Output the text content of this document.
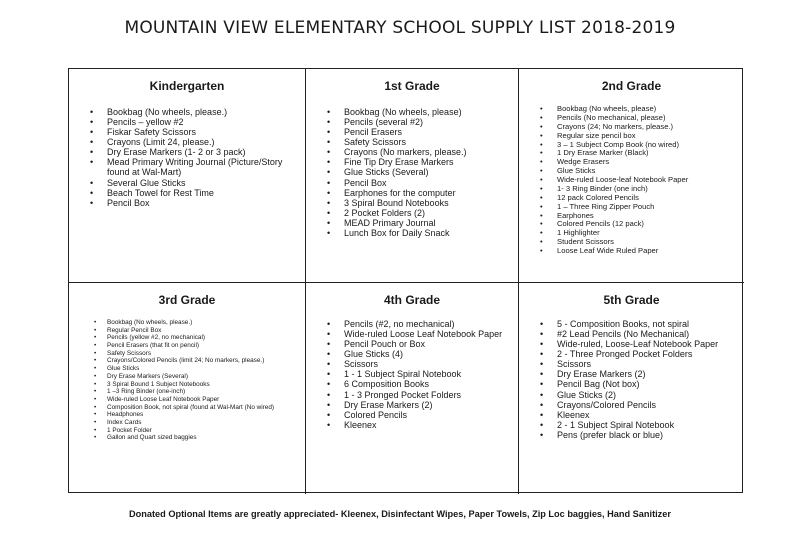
MOUNTAIN VIEW ELEMENTARY SCHOOL SUPPLY LIST 2018-2019
Kindergarten
• Bookbag (No wheels, please.)
• Pencils – yellow #2
• Fiskar Safety Scissors
• Crayons (Limit 24, please.)
• Dry Erase Markers (1- 2 or 3 pack)
• Mead Primary Writing Journal (Picture/Story found at Wal-Mart)
• Several Glue Sticks
• Beach Towel for Rest Time
• Pencil Box
1st Grade
• Bookbag (No wheels, please)
• Pencils (several #2)
• Pencil Erasers
• Safety Scissors
• Crayons (No markers, please.)
• Fine Tip Dry Erase Markers
• Glue Sticks (Several)
• Pencil Box
• Earphones for the computer
• 3 Spiral Bound Notebooks
• 2 Pocket Folders (2)
• MEAD Primary Journal
• Lunch Box for Daily Snack
2nd Grade
• Bookbag (No wheels, please)
• Pencils (No mechanical, please)
• Crayons (24; No markers, please.)
• Regular size pencil box
• 3 – 1 Subject Comp Book (no wired)
• 1 Dry Erase Marker (Black)
• Wedge Erasers
• Glue Sticks
• Wide-ruled Loose-leaf Notebook Paper
• 1- 3 Ring Binder (one inch)
• 12 pack Colored Pencils
• 1 – Three Ring Zipper Pouch
• Earphones
• Colored Pencils (12 pack)
• 1 Highlighter
• Student Scissors
• Loose Leaf Wide Ruled Paper
3rd Grade
• Bookbag (No wheels, please.)
• Regular Pencil Box
• Pencils (yellow #2, no mechanical)
• Pencil Erasers (that fit on pencil)
• Safety Scissors
• Crayons/Colored Pencils (limit 24; No markers, please.)
• Glue Sticks
• Dry Erase Markers (Several)
• 3 Spiral Bound 1 Subject Notebooks
• 1 –3 Ring Binder (one-inch)
• Wide-ruled Loose Leaf Notebook Paper
• Composition Book, not spiral (found at Wal-Mart (No wired)
• Headphones
• Index Cards
• 1 Pocket Folder
• Gallon and Quart sized baggies
4th Grade
• Pencils (#2, no mechanical)
• Wide-ruled Loose Leaf Notebook Paper
• Pencil Pouch or Box
• Glue Sticks (4)
• Scissors
• 1 - 1 Subject Spiral Notebook
• 6 Composition Books
• 1 - 3 Pronged Pocket Folders
• Dry Erase Markers (2)
• Colored Pencils
• Kleenex
5th Grade
• 5 - Composition Books, not spiral
• #2 Lead Pencils (No Mechanical)
• Wide-ruled, Loose-Leaf Notebook Paper
• 2 - Three Pronged Pocket Folders
• Scissors
• Dry Erase Markers (2)
• Pencil Bag (Not box)
• Glue Sticks (2)
• Crayons/Colored Pencils
• Kleenex
• 2 - 1 Subject Spiral Notebook
• Pens (prefer black or blue)
Donated Optional Items are greatly appreciated- Kleenex, Disinfectant Wipes, Paper Towels, Zip Loc baggies, Hand Sanitizer
